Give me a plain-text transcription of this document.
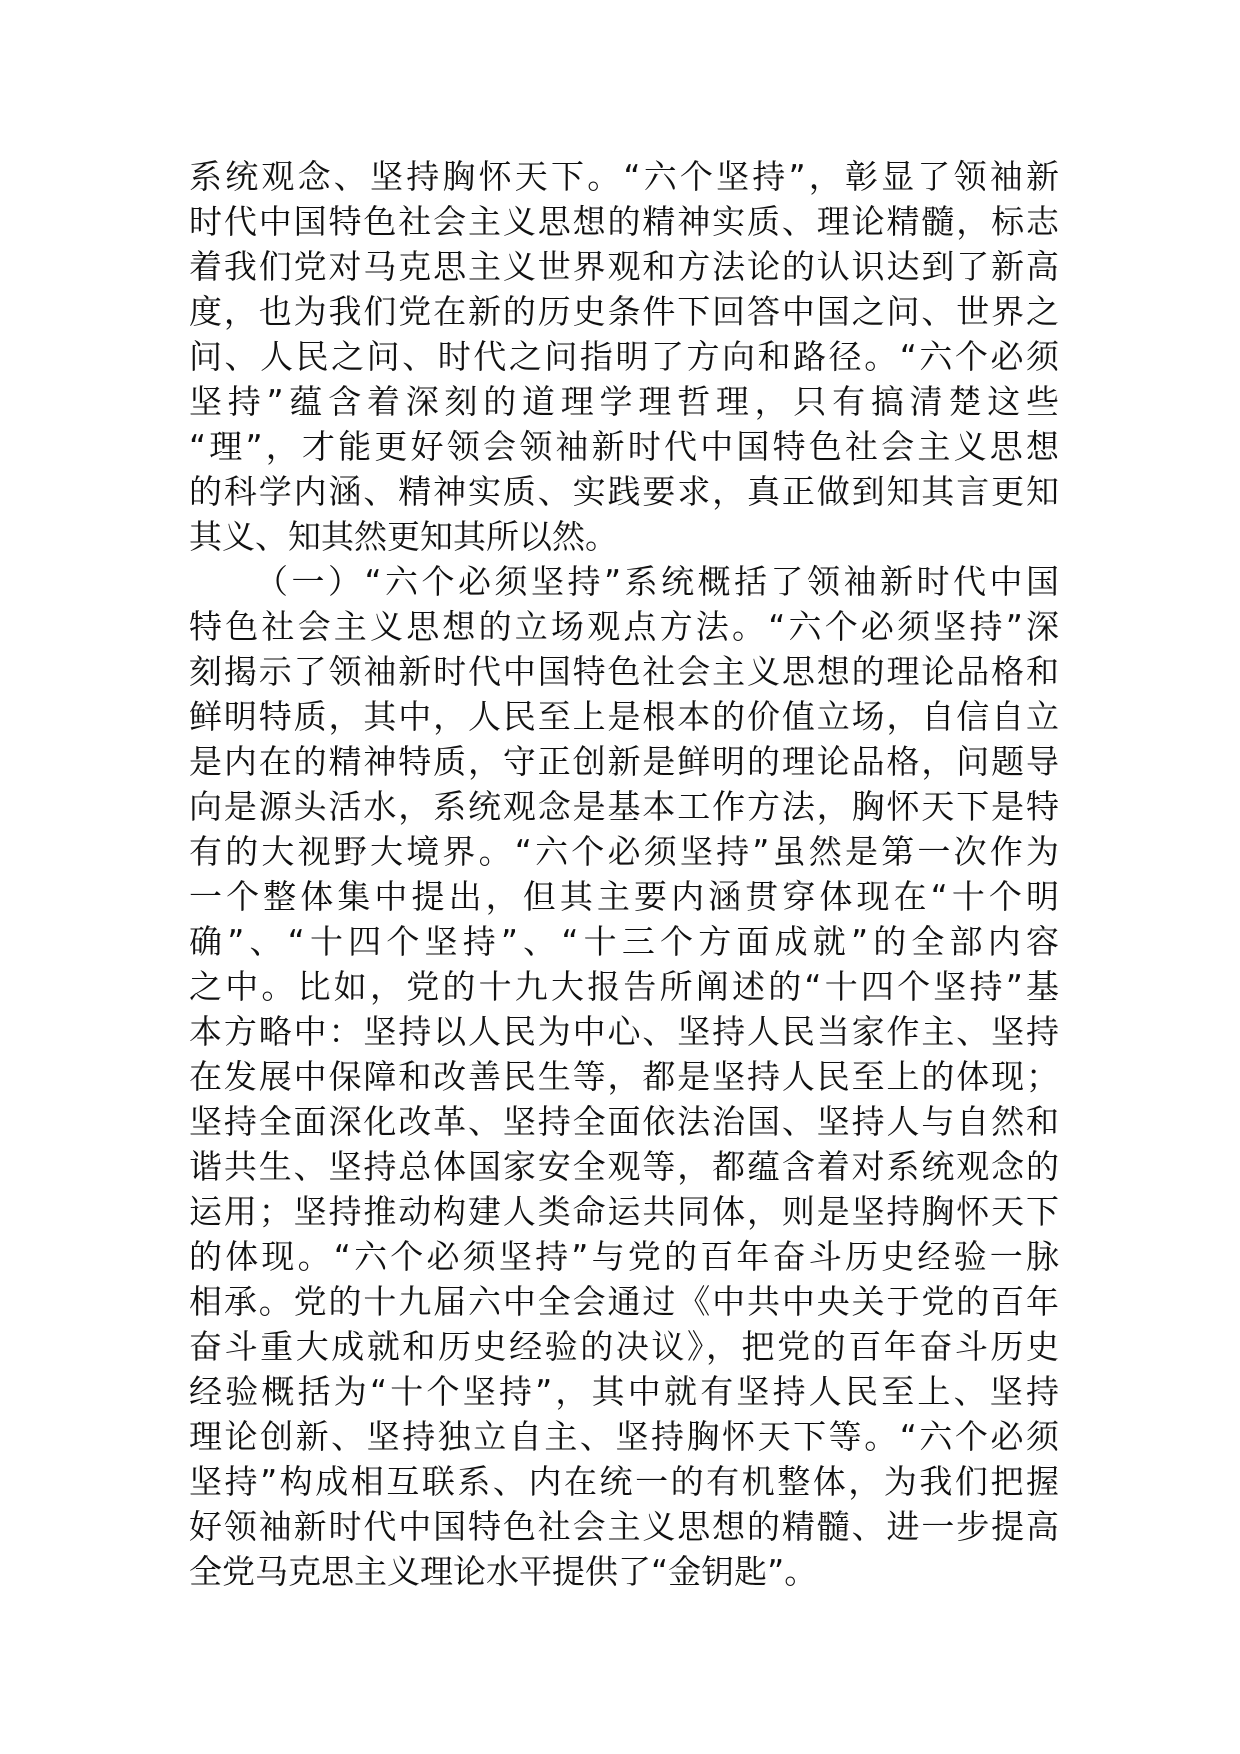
系统观念、坚持胸怀天下。“六个坚持”，彰显了领袖新
时代中国特色社会主义思想的精神实质、理论精髓，标志
着我们党对马克思主义世界观和方法论的认识达到了新高
度，也为我们党在新的历史条件下回答中国之问、世界之
问、人民之问、时代之问指明了方向和路径。“六个必须
坚持”蕴含着深刻的道理学理哲理，只有搞清楚这些
“理”，才能更好领会领袖新时代中国特色社会主义思想
的科学内涵、精神实质、实践要求，真正做到知其言更知
其义、知其然更知其所以然。
（一）“六个必须坚持”系统概括了领袖新时代中国
特色社会主义思想的立场观点方法。“六个必须坚持”深
刻揭示了领袖新时代中国特色社会主义思想的理论品格和
鲜明特质，其中，人民至上是根本的价值立场，自信自立
是内在的精神特质，守正创新是鲜明的理论品格，问题导
向是源头活水，系统观念是基本工作方法，胸怀天下是特
有的大视野大境界。“六个必须坚持”虽然是第一次作为
一个整体集中提出，但其主要内涵贯穿体现在“十个明
确”、“十四个坚持”、“十三个方面成就”的全部内容
之中。比如，党的十九大报告所阐述的“十四个坚持”基
本方略中：坚持以人民为中心、坚持人民当家作主、坚持
在发展中保障和改善民生等，都是坚持人民至上的体现；
坚持全面深化改革、坚持全面依法治国、坚持人与自然和
谐共生、坚持总体国家安全观等，都蕴含着对系统观念的
运用；坚持推动构建人类命运共同体，则是坚持胸怀天下
的体现。“六个必须坚持”与党的百年奋斗历史经验一脉
相承。党的十九届六中全会通过《中共中央关于党的百年
奋斗重大成就和历史经验的决议》，把党的百年奋斗历史
经验概括为“十个坚持”，其中就有坚持人民至上、坚持
理论创新、坚持独立自主、坚持胸怀天下等。“六个必须
坚持”构成相互联系、内在统一的有机整体，为我们把握
好领袖新时代中国特色社会主义思想的精髓、进一步提高
全党马克思主义理论水平提供了“金钥匙”。
